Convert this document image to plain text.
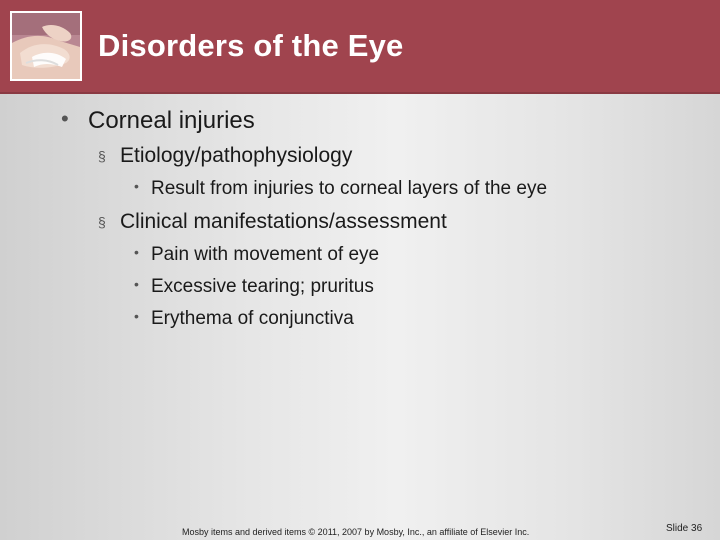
Disorders of the Eye
• Corneal injuries
§ Etiology/pathophysiology
• Result from injuries to corneal layers of the eye
§ Clinical manifestations/assessment
• Pain with movement of eye
• Excessive tearing; pruritus
• Erythema of conjunctiva
Mosby items and derived items © 2011, 2007 by Mosby, Inc., an affiliate of Elsevier Inc.	Slide 36
